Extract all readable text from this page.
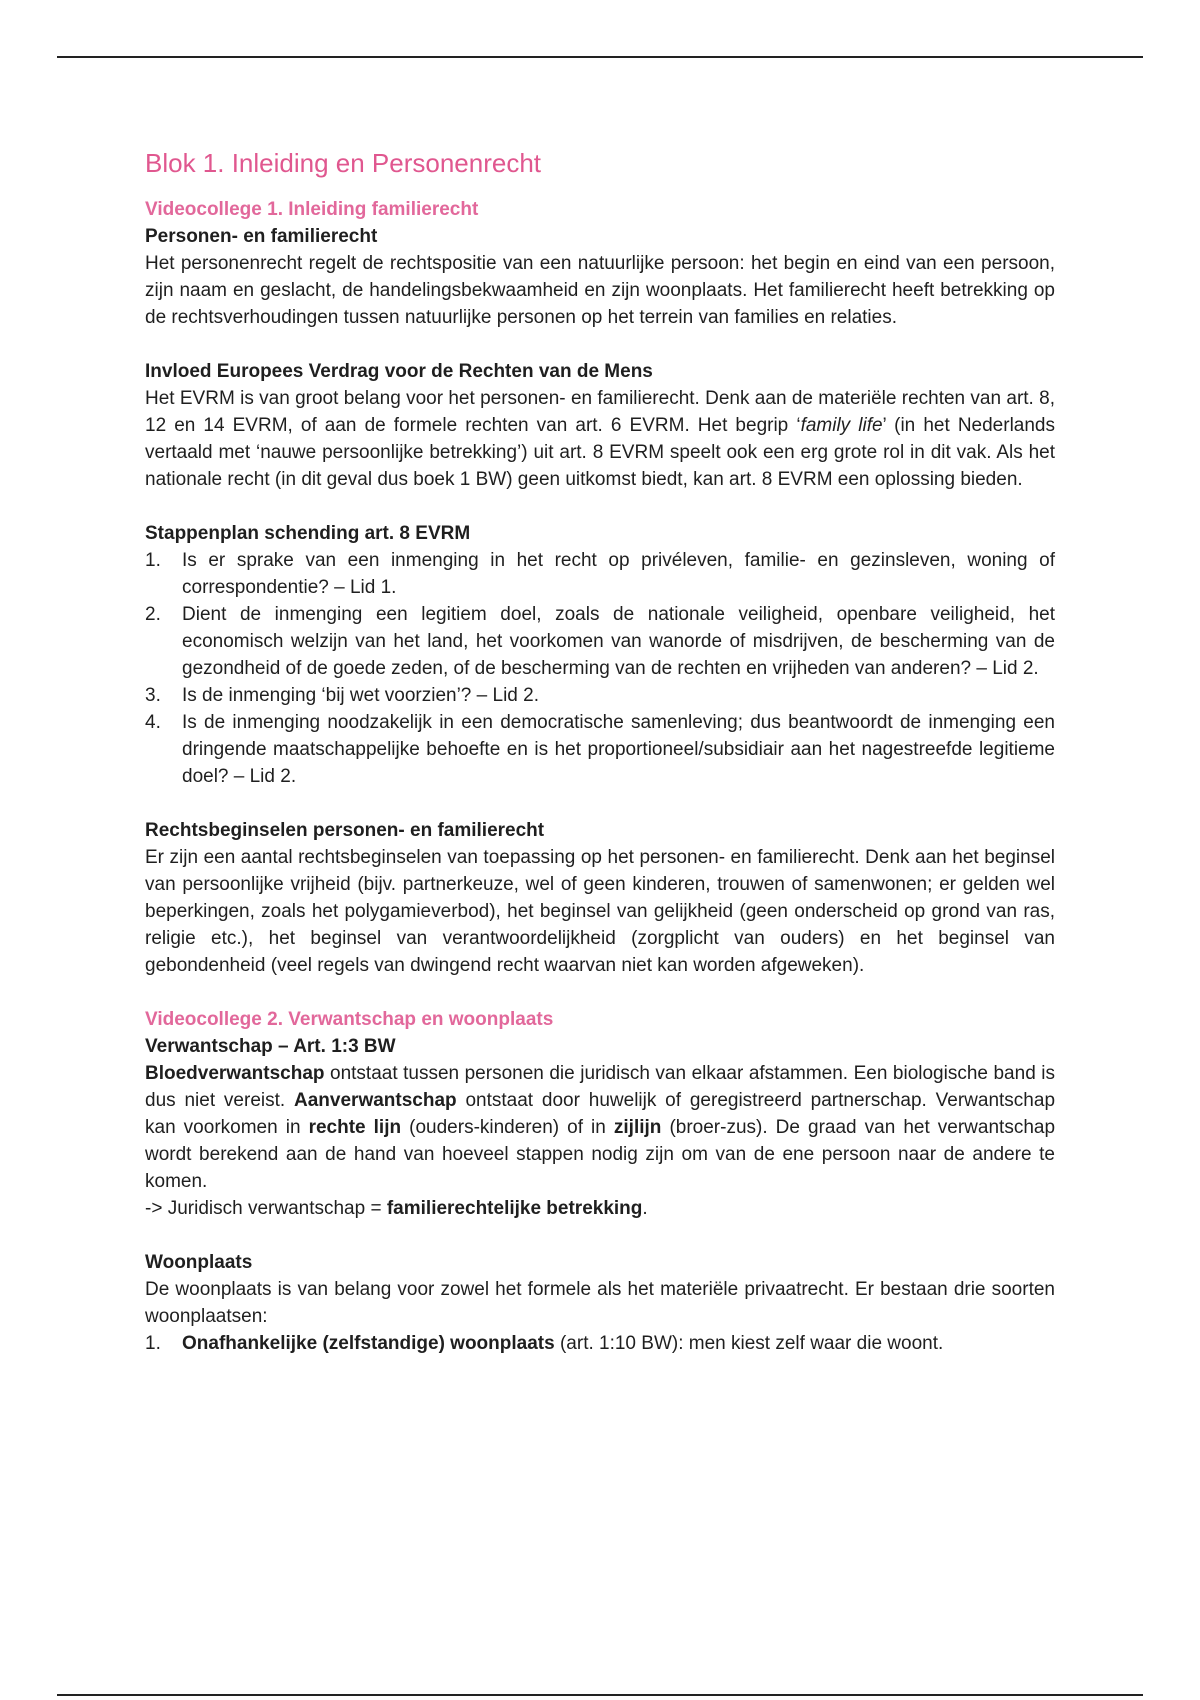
Blok 1. Inleiding en Personenrecht
Videocollege 1. Inleiding familierecht
Personen- en familierecht

Het personenrecht regelt de rechtspositie van een natuurlijke persoon: het begin en eind van een persoon, zijn naam en geslacht, de handelingsbekwaamheid en zijn woonplaats. Het familierecht heeft betrekking op de rechtsverhoudingen tussen natuurlijke personen op het terrein van families en relaties.

Invloed Europees Verdrag voor de Rechten van de Mens

Het EVRM is van groot belang voor het personen- en familierecht. Denk aan de materiële rechten van art. 8, 12 en 14 EVRM, of aan de formele rechten van art. 6 EVRM. Het begrip ‘family life’ (in het Nederlands vertaald met ‘nauwe persoonlijke betrekking’) uit art. 8 EVRM speelt ook een erg grote rol in dit vak. Als het nationale recht (in dit geval dus boek 1 BW) geen uitkomst biedt, kan art. 8 EVRM een oplossing bieden.

Stappenplan schending art. 8 EVRM
1. Is er sprake van een inmenging in het recht op privéleven, familie- en gezinsleven, woning of correspondentie? – Lid 1.
2. Dient de inmenging een legitiem doel, zoals de nationale veiligheid, openbare veiligheid, het economisch welzijn van het land, het voorkomen van wanorde of misdrijven, de bescherming van de gezondheid of de goede zeden, of de bescherming van de rechten en vrijheden van anderen? – Lid 2.
3. Is de inmenging ‘bij wet voorzien’? – Lid 2.
4. Is de inmenging noodzakelijk in een democratische samenleving; dus beantwoordt de inmenging een dringende maatschappelijke behoefte en is het proportioneel/subsidiair aan het nagestreefde legitieme doel? – Lid 2.
Rechtsbeginselen personen- en familierecht

Er zijn een aantal rechtsbeginselen van toepassing op het personen- en familierecht. Denk aan het beginsel van persoonlijke vrijheid (bijv. partnerkeuze, wel of geen kinderen, trouwen of samenwonen; er gelden wel beperkingen, zoals het polygamieverbod), het beginsel van gelijkheid (geen onderscheid op grond van ras, religie etc.), het beginsel van verantwoordelijkheid (zorgplicht van ouders) en het beginsel van gebondenheid (veel regels van dwingend recht waarvan niet kan worden afgeweken).

Videocollege 2. Verwantschap en woonplaats
Verwantschap – Art. 1:3 BW

Bloedverwantschap ontstaat tussen personen die juridisch van elkaar afstammen. Een biologische band is dus niet vereist. Aanverwantschap ontstaat door huwelijk of geregistreerd partnerschap. Verwantschap kan voorkomen in rechte lijn (ouders-kinderen) of in zijlijn (broer-zus). De graad van het verwantschap wordt berekend aan de hand van hoeveel stappen nodig zijn om van de ene persoon naar de andere te komen.

-> Juridisch verwantschap = familierechtelijke betrekking.

Woonplaats

De woonplaats is van belang voor zowel het formele als het materiële privaatrecht. Er bestaan drie soorten woonplaatsen:

1. Onafhankelijke (zelfstandige) woonplaats (art. 1:10 BW): men kiest zelf waar die woont.
